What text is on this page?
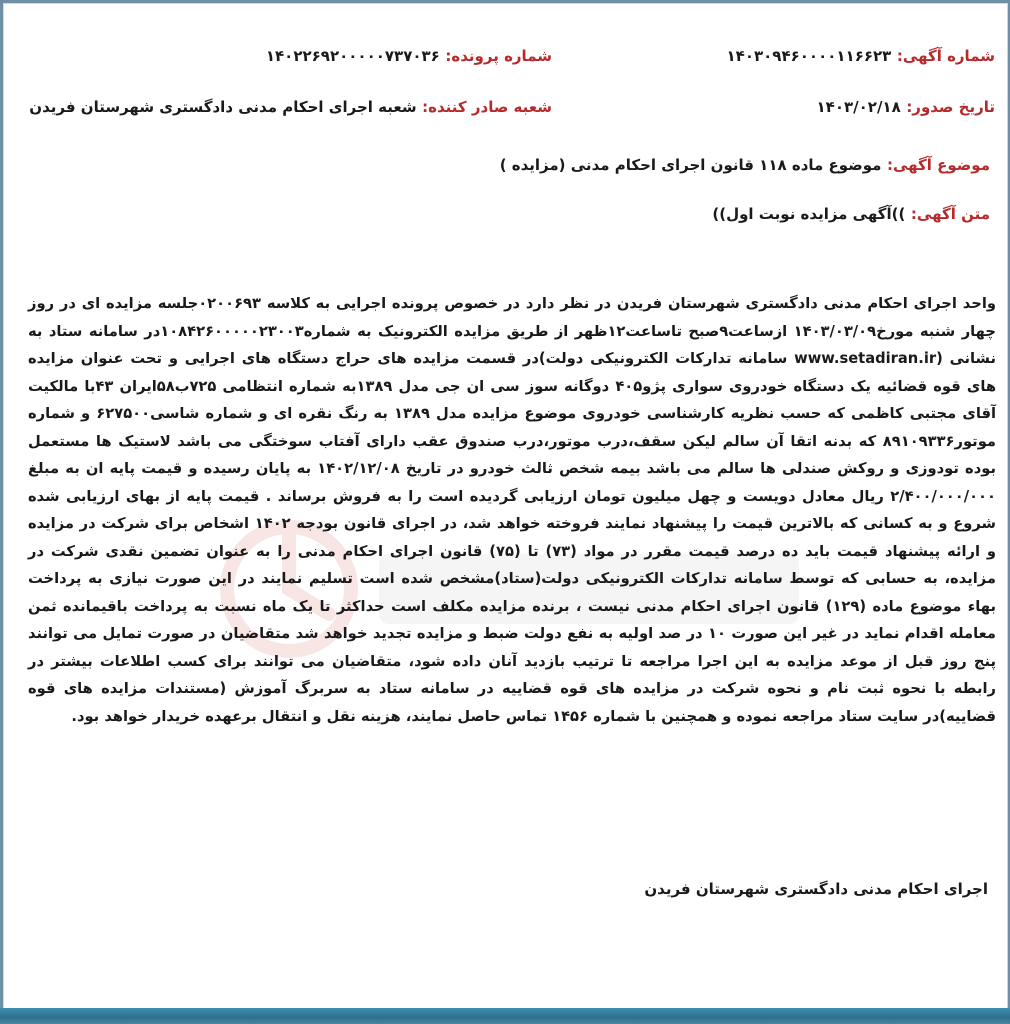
شماره آگهی: ۱۴۰۳۰۹۴۶۰۰۰۰۱۱۶۶۲۳
شماره پرونده: ۱۴۰۲۲۶۹۲۰۰۰۰۰۷۳۷۰۳۶
تاریخ صدور: ۱۴۰۳/۰۲/۱۸
شعبه صادر کننده: شعبه اجرای احکام مدنی دادگستری شهرستان فریدن
موضوع آگهی: موضوع ماده ۱۱۸ قانون اجرای احکام مدنی (مزایده )
متن آگهی: ))آگهی مزایده نوبت اول))
واحد اجرای احکام مدنی دادگستری شهرستان فریدن در نظر دارد در خصوص پرونده اجرایی به کلاسه ۰۲۰۰۶۹۳جلسه مزایده ای در روز چهار شنبه مورخ۱۴۰۳/۰۳/۰۹ ازساعت۹صبح تاساعت۱۲ظهر از طریق مزایده الکترونیک به شماره۱۰۸۴۲۶۰۰۰۰۰۲‎۳۰۰۳در سامانه ستاد به نشانی (www.setadiran.ir سامانه تدارکات الکترونیکی دولت)در قسمت مزایده های حراج دستگاه های اجرایی و تحت عنوان مزایده های قوه قضائیه یک دستگاه خودروی سواری پژو۴۰۵ دوگانه سوز سی ان جی مدل ۱۳۸۹به شماره انتظامی ۷۲۵ب۵۸ایران ۴۳با مالکیت آقای مجتبی کاظمی که حسب نظریه کارشناسی خودروی موضوع مزایده مدل ۱۳۸۹ به رنگ نقره ای و شماره شاسی۶۲۷۵۰۰ و شماره موتور۸۹۱۰۹۳۳۶ که بدنه اتقا آن سالم لیکن سقف،درب موتور،درب صندوق عقب دارای آفتاب سوختگی می باشد لاستیک ها مستعمل بوده تودوزی و روکش صندلی ها سالم می باشد بیمه شخص ثالث خودرو در تاریخ ۱۴۰۲/۱۲/۰۸ به پایان رسیده و قیمت پایه ان به مبلغ ۲/۴۰۰/۰۰۰/۰۰۰ ریال معادل دویست و چهل میلیون تومان ارزیابی گردیده است را به فروش برساند . قیمت پایه از بهای ارزیابی شده شروع و به کسانی که بالاترین قیمت را پیشنهاد نمایند فروخته خواهد شد، در اجرای قانون بودجه ۱۴۰۲ اشخاص برای شرکت در مزایده و ارائه پیشنهاد قیمت باید ده درصد قیمت مقرر در مواد (۷۳) تا (۷۵) قانون اجرای احکام مدنی را به عنوان تضمین نقدی شرکت در مزایده، به حسابی که توسط سامانه تدارکات الکترونیکی دولت(ستاد)مشخص شده است تسلیم نمایند در این صورت نیازی به پرداخت بهاء موضوع ماده (۱۲۹) قانون اجرای احکام مدنی نیست ، برنده مزایده مکلف است حداکثر تا یک ماه نسبت به پرداخت باقیمانده ثمن معامله اقدام نماید در غیر این صورت ۱۰ در صد اولیه به نفع دولت ضبط و مزایده تجدید خواهد شد متقاضیان در صورت تمایل می توانند پنج روز قبل از موعد مزایده به این اجرا مراجعه تا ترتیب بازدید آنان داده شود، متقاضیان می توانند برای کسب اطلاعات بیشتر در رابطه با نحوه ثبت نام و نحوه شرکت در مزایده های قوه قضاییه در سامانه ستاد به سربرگ آموزش (مستندات مزایده های قوه قضاییه)در سایت ستاد مراجعه نموده و همچنین با شماره ۱۴۵۶ تماس حاصل نمایند، هزینه نقل و انتقال برعهده خریدار خواهد بود.
اجرای احکام مدنی دادگستری شهرستان فریدن
